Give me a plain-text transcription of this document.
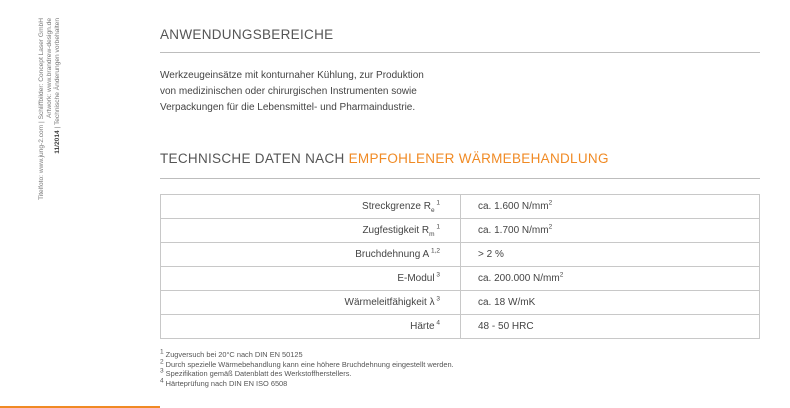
Titelfoto: www.jung-2.com | Schliffbilder: Concept Laser GmbH Artwork: www.brandrew-design.de
11/2014 | Technische Änderungen vorbehalten	ANWENDUNGSBEREICHE
Werkzeugeinsätze mit konturnaher Kühlung, zur Produktion
von medizinischen oder chirurgischen Instrumenten sowie
Verpackungen für die Lebensmittel- und Pharmaindustrie.
TECHNISCHE DATEN NACH EMPFOHLENER WÄRMEBEHANDLUNG
Streckgrenze $R_e$ $^1$	ca. 1.600 $N/mm^2$
Zugfestigkeit $R_m$ $^1$	ca. 1.700 $N/mm^2$
Bruchdehnung A $^{1,2}$	> 2 %
E-Modul $^3$	ca. 200.000 $N/mm^2$
Wärmeleitfähigkeit λ $^3$	ca. 18 W/mK
Härte $^4$	48 - 50 HRC
$^1$ Zugversuch bei 20°C nach DIN EN 50125
$^2$ Durch spezielle Wärmebehandlung kann eine höhere Bruchdehnung eingestellt werden.
$^3$ Spezifikation gemäß Datenblatt des Werkstoffherstellers.
$^4$ Härteprüfung nach DIN EN ISO 6508
